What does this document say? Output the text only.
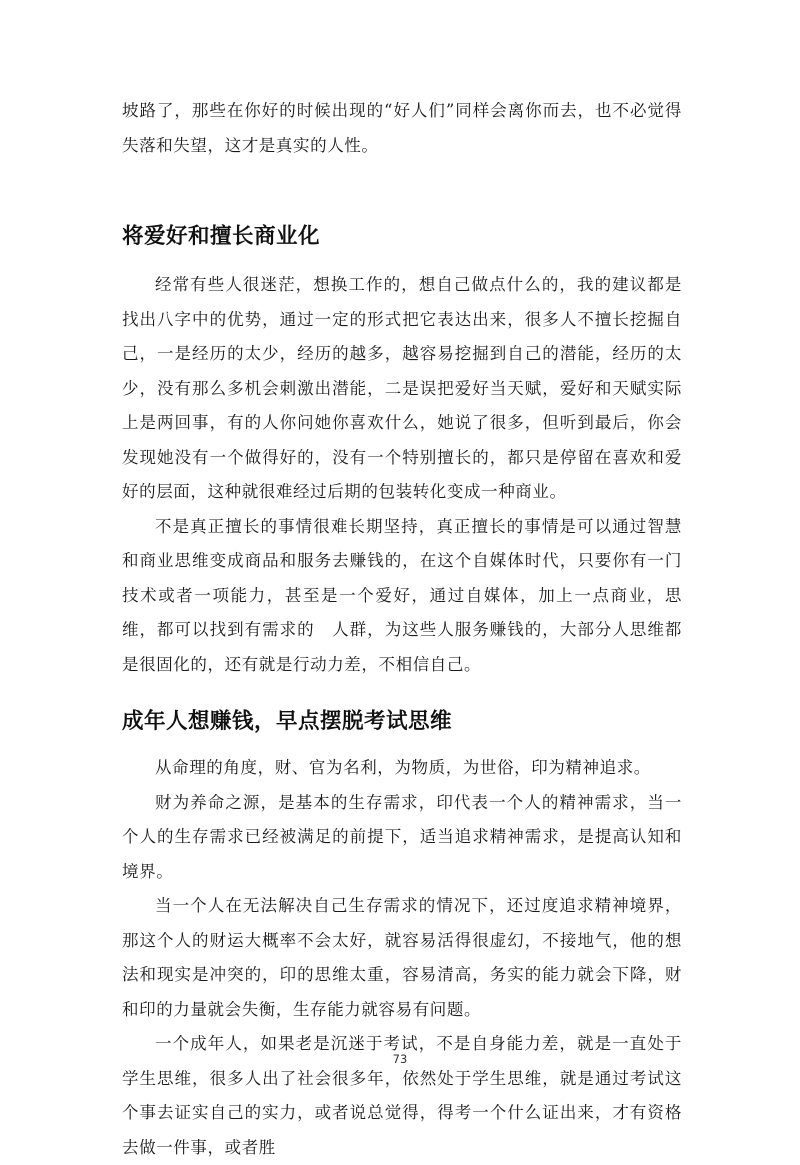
坡路了，那些在你好的时候出现的“好人们”同样会离你而去，也不必觉得失落和失望，这才是真实的人性。

将爱好和擅长商业化

经常有些人很迷茫，想换工作的，想自己做点什么的，我的建议都是找出八字中的优势，通过一定的形式把它表达出来，很多人不擅长挖掘自己，一是经历的太少，经历的越多，越容易挖掘到自己的潜能，经历的太少，没有那么多机会刺激出潜能，二是误把爱好当天赋，爱好和天赋实际上是两回事，有的人你问她你喜欢什么，她说了很多，但听到最后，你会发现她没有一个做得好的，没有一个特别擅长的，都只是停留在喜欢和爱好的层面，这种就很难经过后期的包装转化变成一种商业。

不是真正擅长的事情很难长期坚持，真正擅长的事情是可以通过智慧和商业思维变成商品和服务去赚钱的，在这个自媒体时代，只要你有一门技术或者一项能力，甚至是一个爱好，通过自媒体，加上一点商业，思维，都可以找到有需求的　人群，为这些人服务赚钱的，大部分人思维都是很固化的，还有就是行动力差，不相信自己。

成年人想赚钱，早点摆脱考试思维

从命理的角度，财、官为名利，为物质，为世俗，印为精神追求。

财为养命之源，是基本的生存需求，印代表一个人的精神需求，当一个人的生存需求已经被满足的前提下，适当追求精神需求，是提高认知和境界。

当一个人在无法解决自己生存需求的情况下，还过度追求精神境界，那这个人的财运大概率不会太好，就容易活得很虚幻，不接地气，他的想法和现实是冲突的，印的思维太重，容易清高，务实的能力就会下降，财和印的力量就会失衡，生存能力就容易有问题。

一个成年人，如果老是沉迷于考试，不是自身能力差，就是一直处于学生思维，很多人出了社会很多年，依然处于学生思维，就是通过考试这个事去证实自己的实力，或者说总觉得，得考一个什么证出来，才有资格去做一件事，或者胜

73
